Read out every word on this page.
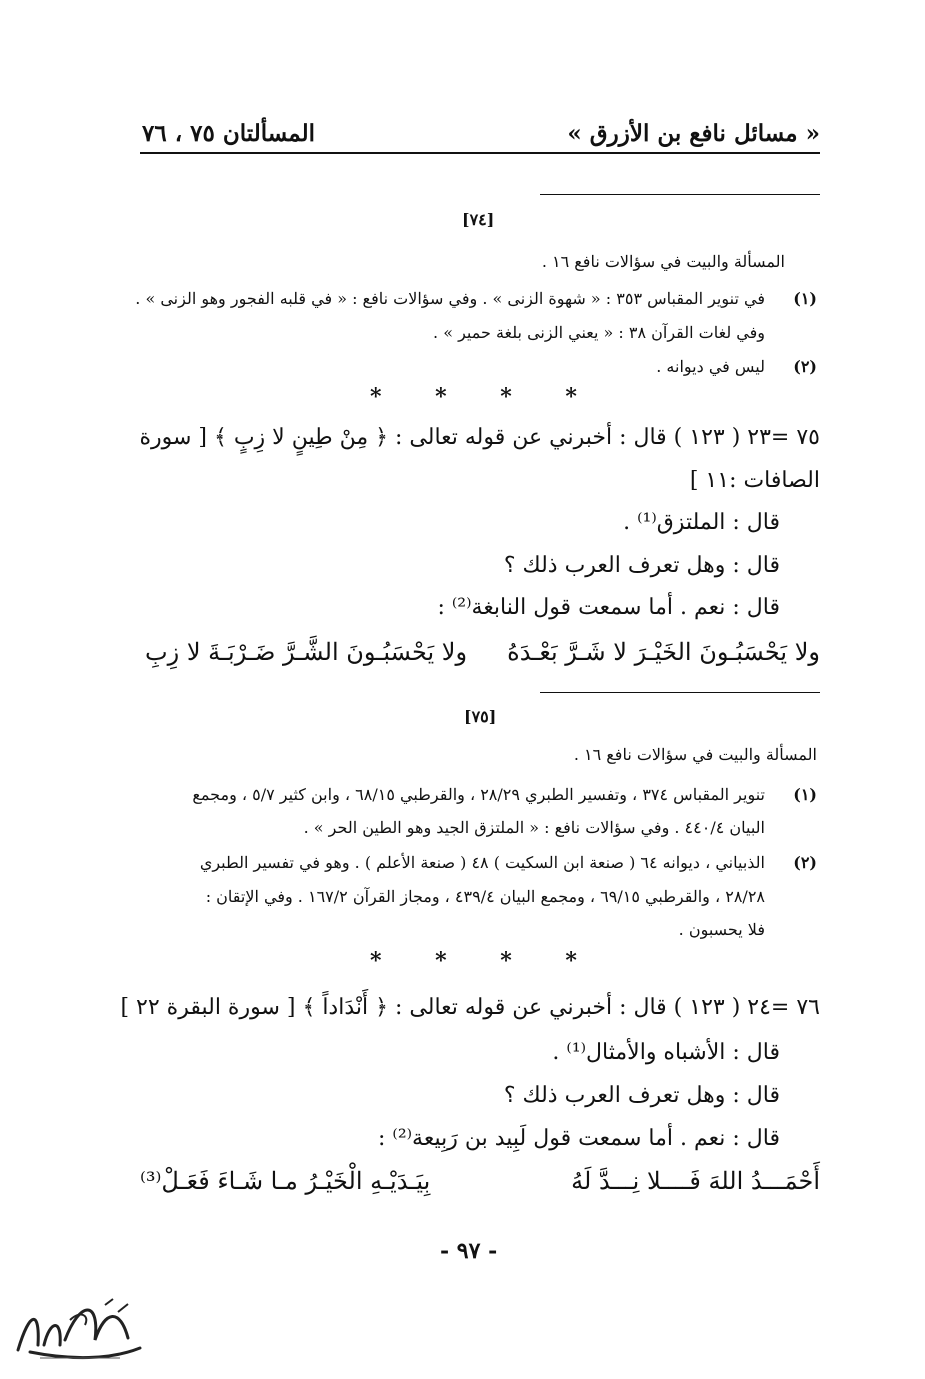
« مسائل نافع بن الأزرق »
المسألتان ٧٥ ، ٧٦
[٧٤]
المسألة والبيت في سؤالات نافع ١٦ .
(١)
في تنوير المقباس ٣٥٣ : « شهوة الزنى » . وفي سؤالات نافع : « في قلبه الفجور وهو الزنى » .
وفي لغات القرآن ٣٨ : « يعني الزنى بلغة حمير » .
(٢)
ليس في ديوانه .
*       *       *       *
٧٥ =٢٣ ( ١٢٣ ) قال : أخبرني عن قوله تعالى : ﴿ مِنْ طِينٍ لا زِبٍ ﴾ [ سورة
الصافات :١١ ]
قال : الملتزق⁽¹⁾ .
قال : وهل تعرف العرب ذلك ؟
قال : نعم . أما سمعت قول النابغة⁽²⁾ :
ولا يَحْسَبُـونَ الخَيْـرَ لا شَـرَّ بَعْـدَهُ
ولا يَحْسَبُـونَ الشَّـرَّ ضَـرْبَـةَ لا زِبِ
[٧٥]
المسألة والبيت في سؤالات نافع ١٦ .
(١)
تنوير المقباس ٣٧٤ ، وتفسير الطبري ٢٨/٢٩ ، والقرطبي ٦٨/١٥ ، وابن كثير ٥/٧ ، ومجمع
البيان ٤٤٠/٤ . وفي سؤالات نافع : « الملتزق الجيد وهو الطين الحر » .
(٢)
الذبياني ، ديوانه ٦٤ ( صنعة ابن السكيت ) ٤٨ ( صنعة الأعلم ) . وهو في تفسير الطبري
٢٨/٢٨ ، والقرطبي ٦٩/١٥ ، ومجمع البيان ٤٣٩/٤ ، ومجاز القرآن ١٦٧/٢ . وفي الإتقان :
فلا يحسبون .
*       *       *       *
٧٦ =٢٤ ( ١٢٣ ) قال : أخبرني عن قوله تعالى : ﴿ أَنْدَاداً ﴾ [ سورة البقرة ٢٢ ]
قال : الأشباه والأمثال⁽¹⁾ .
قال : وهل تعرف العرب ذلك ؟
قال : نعم . أما سمعت قول لَبِيد بن رَبِيعة⁽²⁾ :
أَحْمَـــدُ اللهَ فَــــلا نِـــدَّ لَهُ
بِيَـدَيْـهِ الْخَيْـرُ مـا شَـاءَ فَعَـلْ⁽³⁾
- ٩٧ -
